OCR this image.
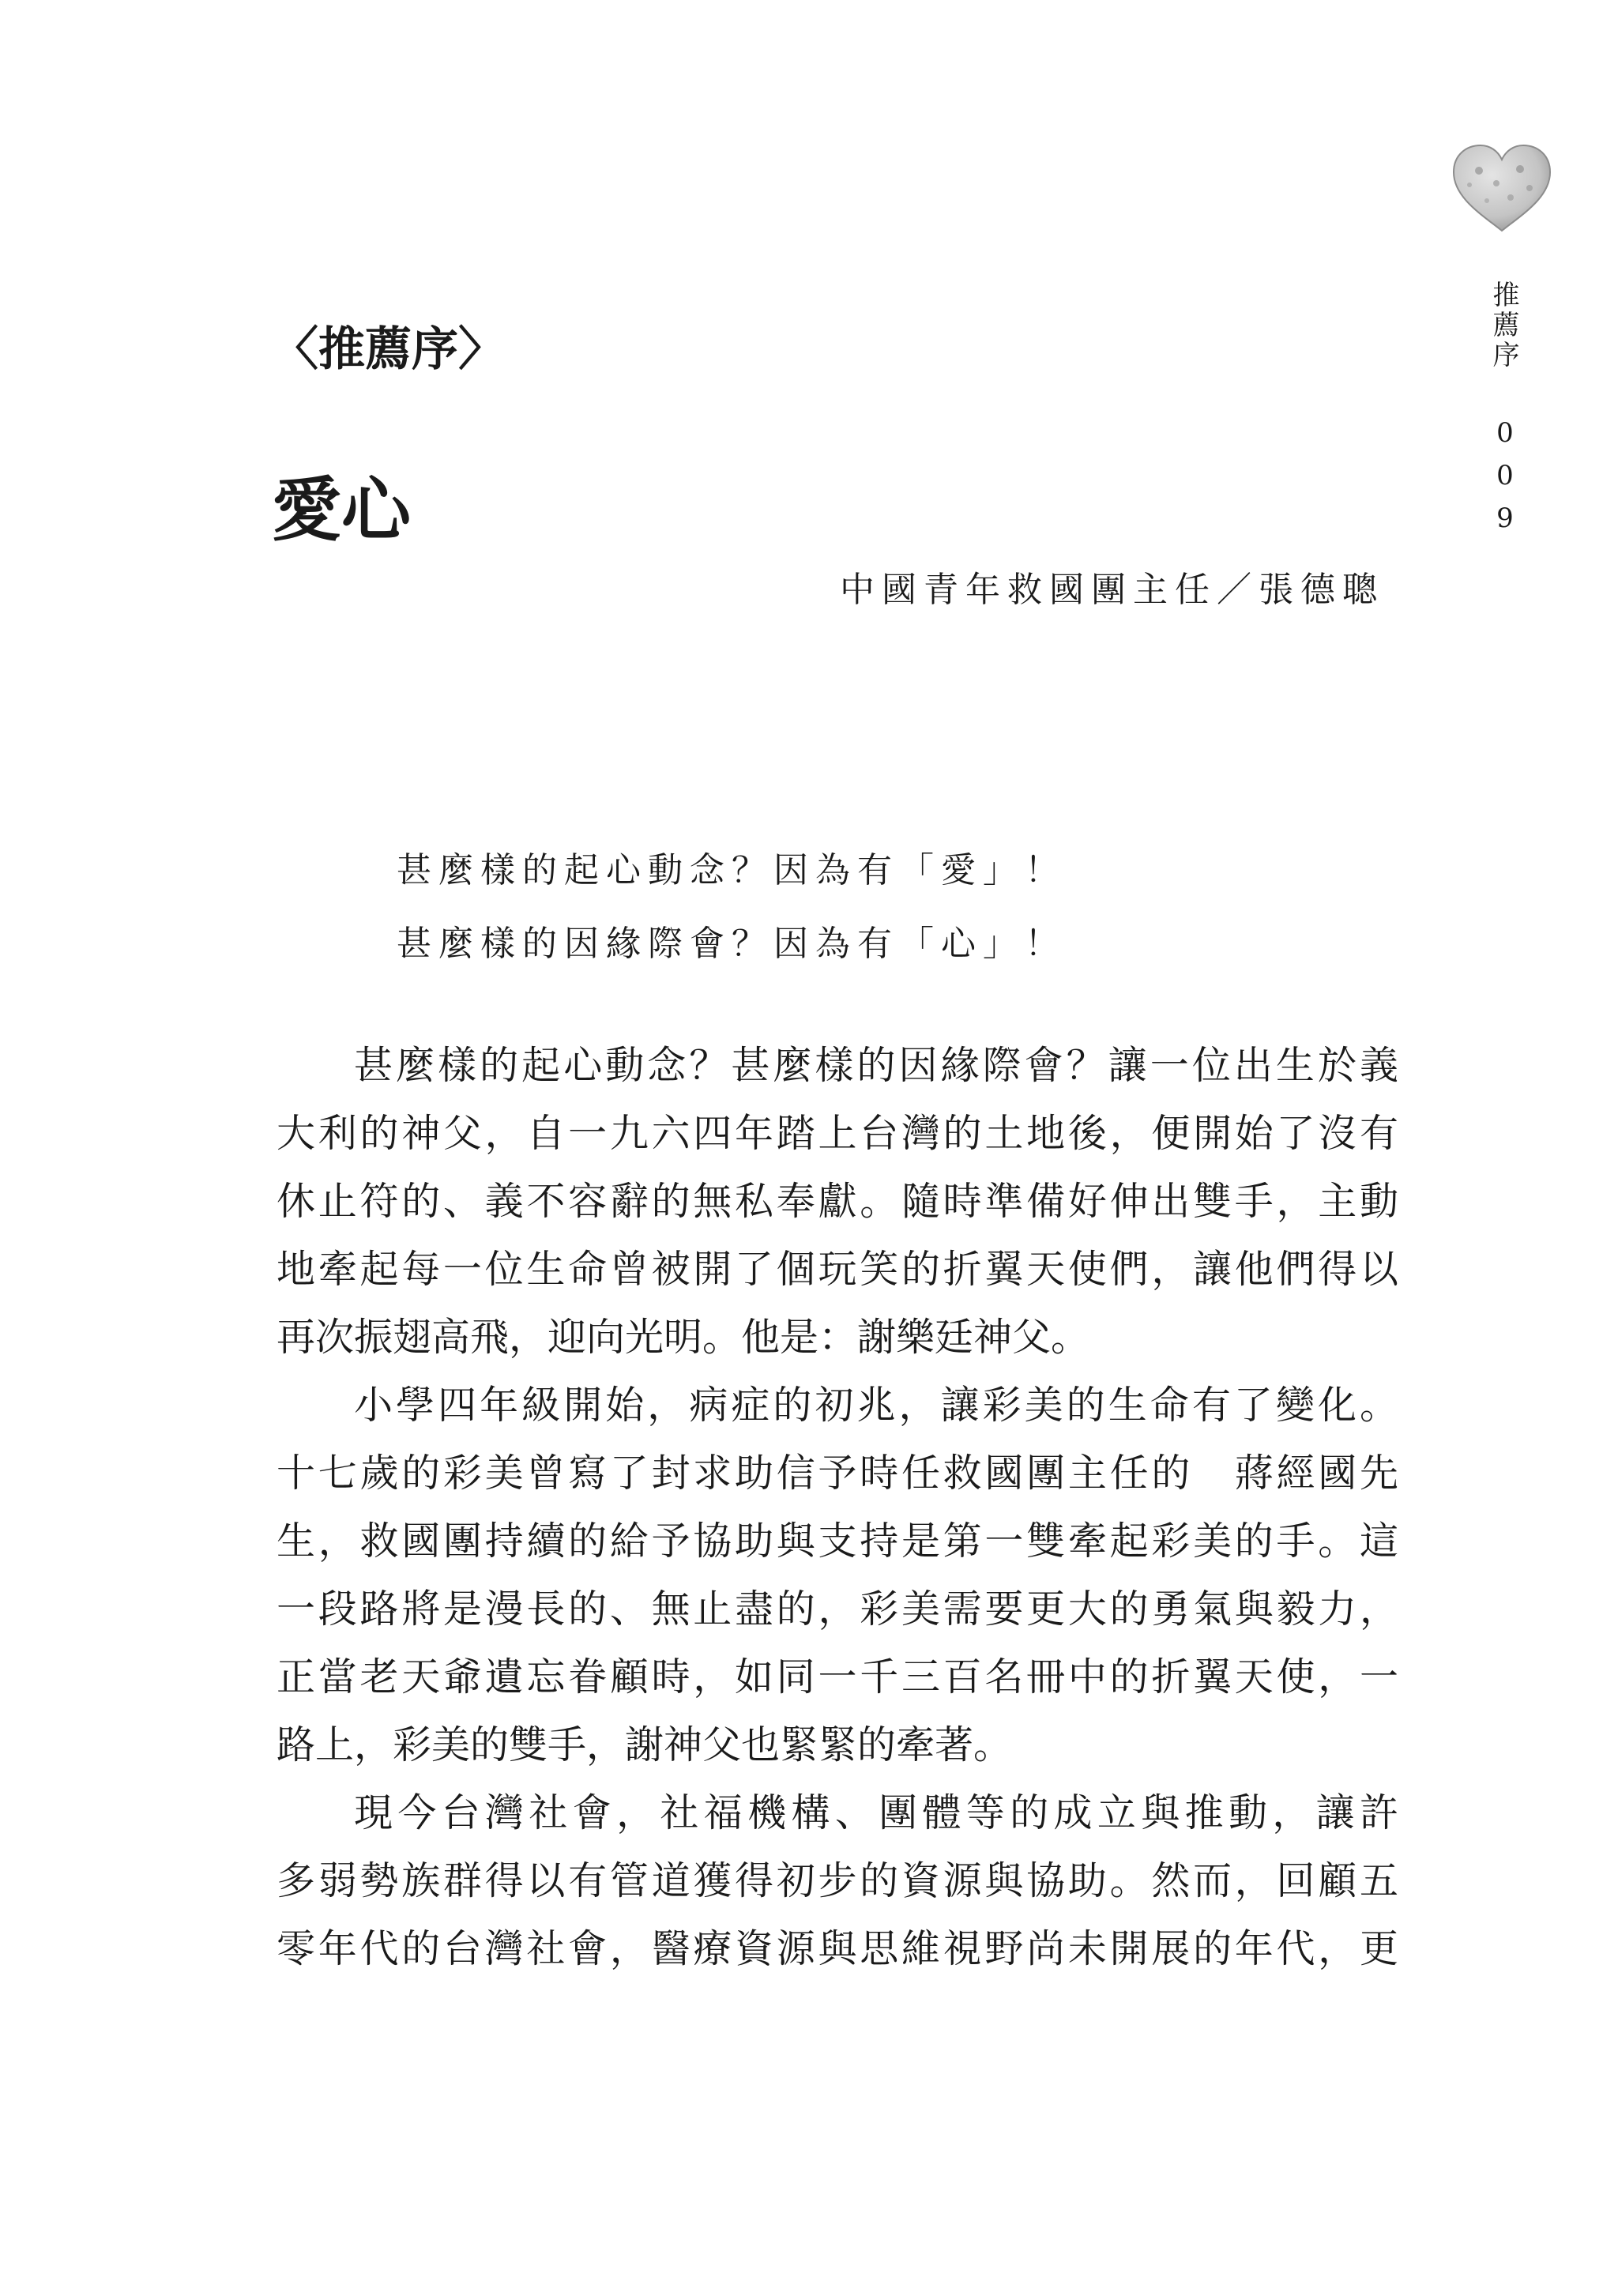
推薦序
009
〈推薦序〉
愛心
中國青年救國團主任／張德聰
甚麼樣的起心動念？因為有「愛」！
甚麼樣的因緣際會？因為有「心」！
甚麼樣的起心動念？甚麼樣的因緣際會？讓一位出生於義
大利的神父，自一九六四年踏上台灣的土地後，便開始了沒有
休止符的、義不容辭的無私奉獻。隨時準備好伸出雙手，主動
地牽起每一位生命曾被開了個玩笑的折翼天使們，讓他們得以
再次振翅高飛，迎向光明。他是：謝樂廷神父。
小學四年級開始，病症的初兆，讓彩美的生命有了變化。
十七歲的彩美曾寫了封求助信予時任救國團主任的　蔣經國先
生，救國團持續的給予協助與支持是第一雙牽起彩美的手。這
一段路將是漫長的、無止盡的，彩美需要更大的勇氣與毅力，
正當老天爺遺忘眷顧時，如同一千三百名冊中的折翼天使，一
路上，彩美的雙手，謝神父也緊緊的牽著。
現今台灣社會，社福機構、團體等的成立與推動，讓許
多弱勢族群得以有管道獲得初步的資源與協助。然而，回顧五
零年代的台灣社會，醫療資源與思維視野尚未開展的年代，更
